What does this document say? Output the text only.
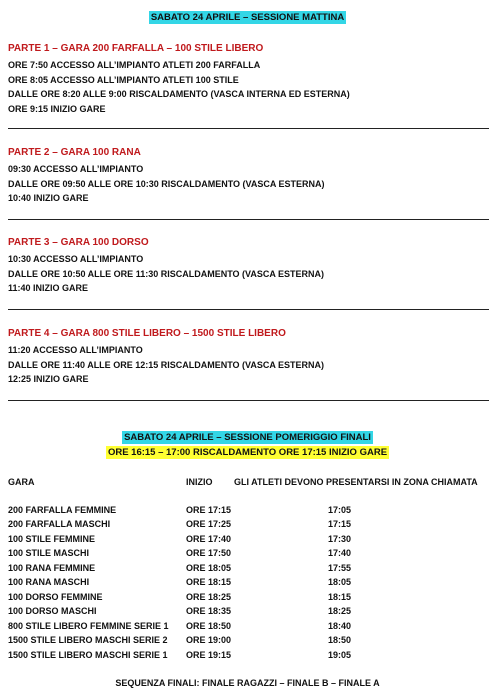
SABATO 24 APRILE – SESSIONE MATTINA
PARTE 1 – GARA 200 FARFALLA – 100 STILE LIBERO
ORE 7:50 ACCESSO ALL’IMPIANTO ATLETI 200 FARFALLA
ORE 8:05 ACCESSO ALL’IMPIANTO ATLETI 100 STILE
DALLE ORE 8:20 ALLE 9:00 RISCALDAMENTO (VASCA INTERNA ED ESTERNA)
ORE 9:15 INIZIO GARE
PARTE 2 – GARA 100 RANA
09:30 ACCESSO ALL’IMPIANTO
DALLE ORE 09:50 ALLE ORE 10:30 RISCALDAMENTO (VASCA ESTERNA)
10:40 INIZIO GARE
PARTE 3 – GARA 100 DORSO
10:30 ACCESSO ALL’IMPIANTO
DALLE ORE 10:50 ALLE ORE 11:30 RISCALDAMENTO (VASCA ESTERNA)
11:40 INIZIO GARE
PARTE 4 – GARA 800 STILE LIBERO – 1500 STILE LIBERO
11:20 ACCESSO ALL’IMPIANTO
DALLE ORE 11:40 ALLE ORE 12:15 RISCALDAMENTO (VASCA ESTERNA)
12:25 INIZIO GARE
SABATO 24 APRILE – SESSIONE POMERIGGIO FINALI
ORE 16:15 – 17:00 RISCALDAMENTO ORE 17:15 INIZIO GARE
GARA	INIZIO GLI ATLETI DEVONO PRESENTARSI IN ZONA CHIAMATA
200 FARFALLA FEMMINE	ORE 17:15	17:05
200 FARFALLA MASCHI	ORE 17:25	17:15
100 STILE FEMMINE	ORE 17:40	17:30
100 STILE MASCHI	ORE 17:50	17:40
100 RANA FEMMINE	ORE 18:05	17:55
100 RANA MASCHI	ORE 18:15	18:05
100 DORSO FEMMINE	ORE 18:25	18:15
100 DORSO MASCHI	ORE 18:35	18:25
800 STILE LIBERO FEMMINE SERIE 1 ORE 18:50	18:40
1500 STILE LIBERO MASCHI SERIE 2 ORE 19:00	18:50
1500 STILE LIBERO MASCHI SERIE 1 ORE 19:15	19:05
SEQUENZA FINALI: FINALE RAGAZZI – FINALE B – FINALE A
